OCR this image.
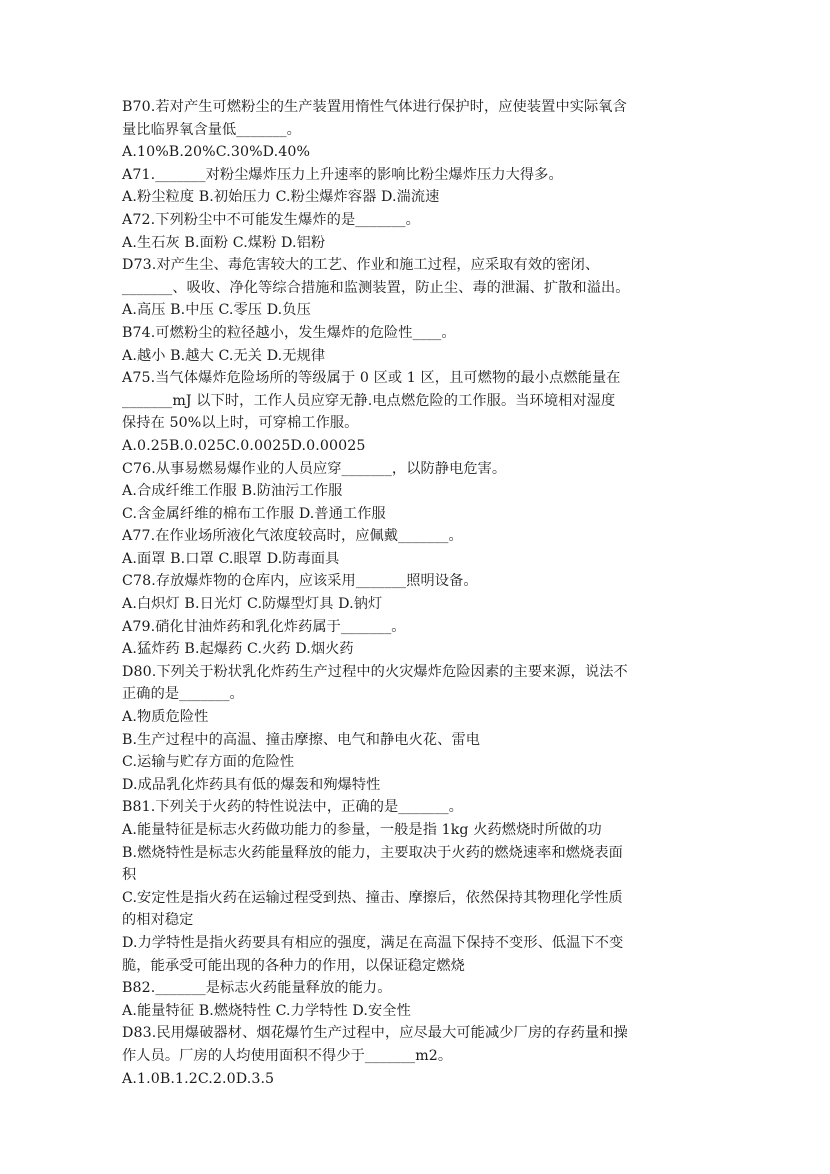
B70.若对产生可燃粉尘的生产装置用惰性气体进行保护时，应使装置中实际氧含
量比临界氧含量低_______。
A.10%B.20%C.30%D.40%
A71._______对粉尘爆炸压力上升速率的影响比粉尘爆炸压力大得多。
A.粉尘粒度 B.初始压力 C.粉尘爆炸容器 D.湍流速
A72.下列粉尘中不可能发生爆炸的是_______。
A.生石灰 B.面粉 C.煤粉 D.铝粉
D73.对产生尘、毒危害较大的工艺、作业和施工过程，应采取有效的密闭、
_______、吸收、净化等综合措施和监测装置，防止尘、毒的泄漏、扩散和溢出。
A.高压 B.中压 C.零压 D.负压
B74.可燃粉尘的粒径越小，发生爆炸的危险性____。
A.越小 B.越大 C.无关 D.无规律
A75.当气体爆炸危险场所的等级属于 0 区或 1 区，且可燃物的最小点燃能量在
_______mJ 以下时，工作人员应穿无静.电点燃危险的工作服。当环境相对湿度
保持在 50%以上时，可穿棉工作服。
A.0.25B.0.025C.0.0025D.0.00025
C76.从事易燃易爆作业的人员应穿_______，以防静电危害。
A.合成纤维工作服 B.防油污工作服
C.含金属纤维的棉布工作服 D.普通工作服
A77.在作业场所液化气浓度较高时，应佩戴_______。
A.面罩 B.口罩 C.眼罩 D.防毒面具
C78.存放爆炸物的仓库内，应该采用_______照明设备。
A.白炽灯 B.日光灯 C.防爆型灯具 D.钠灯
A79.硝化甘油炸药和乳化炸药属于_______。
A.猛炸药 B.起爆药 C.火药 D.烟火药
D80.下列关于粉状乳化炸药生产过程中的火灾爆炸危险因素的主要来源，说法不
正确的是_______。
A.物质危险性
B.生产过程中的高温、撞击摩擦、电气和静电火花、雷电
C.运输与贮存方面的危险性
D.成品乳化炸药具有低的爆轰和殉爆特性
B81.下列关于火药的特性说法中，正确的是_______。
A.能量特征是标志火药做功能力的参量，一般是指 1kg 火药燃烧时所做的功
B.燃烧特性是标志火药能量释放的能力，主要取决于火药的燃烧速率和燃烧表面
积
C.安定性是指火药在运输过程受到热、撞击、摩擦后，依然保持其物理化学性质
的相对稳定
D.力学特性是指火药要具有相应的强度，满足在高温下保持不变形、低温下不变
脆，能承受可能出现的各种力的作用，以保证稳定燃烧
B82._______是标志火药能量释放的能力。
A.能量特征 B.燃烧特性 C.力学特性 D.安全性
D83.民用爆破器材、烟花爆竹生产过程中，应尽最大可能减少厂房的存药量和操
作人员。厂房的人均使用面积不得少于_______m2。
A.1.0B.1.2C.2.0D.3.5
